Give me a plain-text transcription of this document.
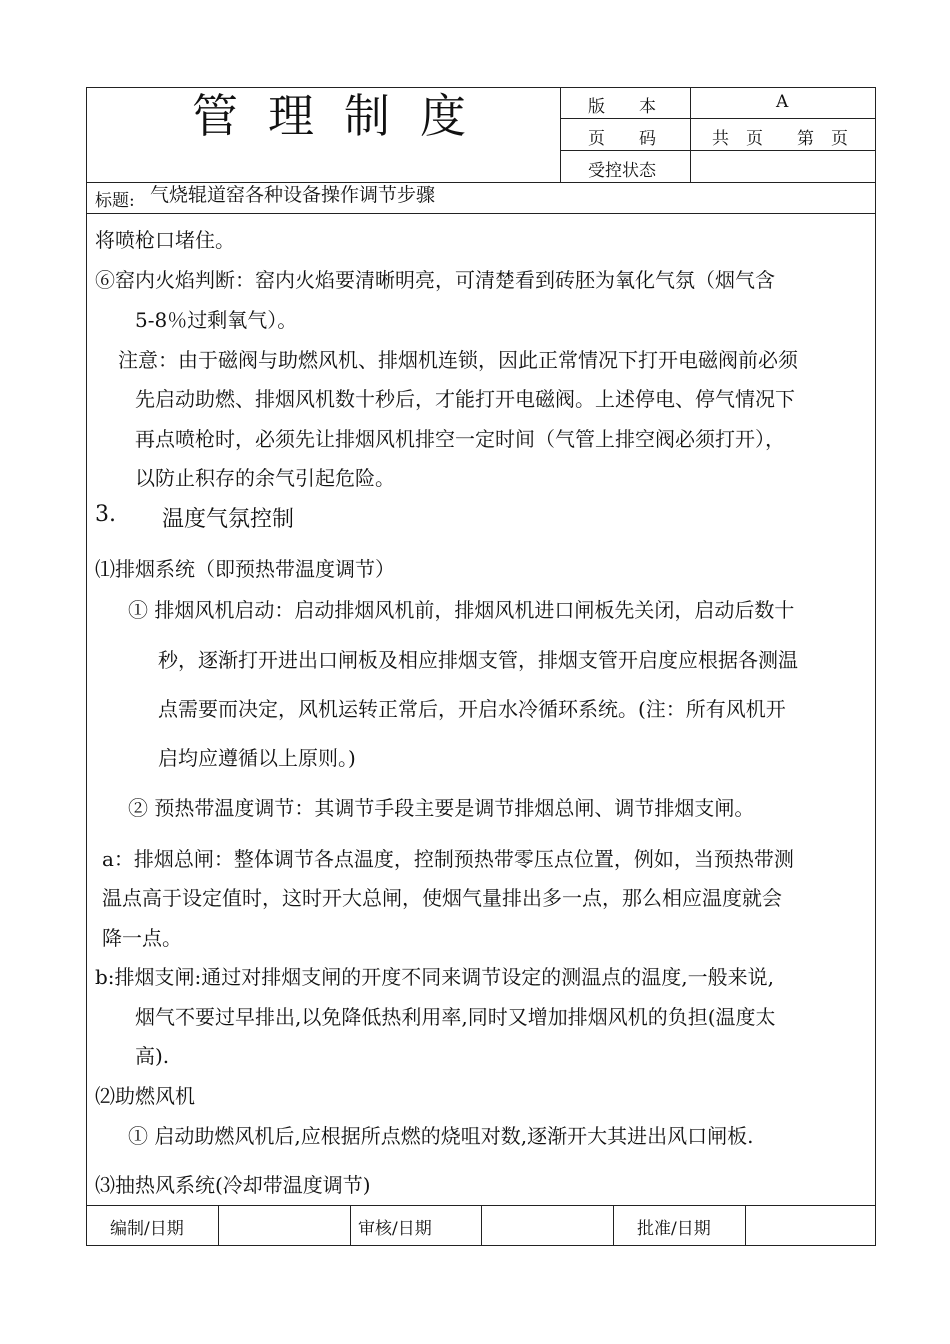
管理制度	版　　本	A
页　　码	共　页　　第　页
受控状态
标题: 气烧辊道窑各种设备操作调节步骤
将喷枪口堵住。
⑥窑内火焰判断：窑内火焰要清晰明亮，可清楚看到砖胚为氧化气氛（烟气含
5-8％过剩氧气）。
注意：由于磁阀与助燃风机、排烟机连锁，因此正常情况下打开电磁阀前必须
先启动助燃、排烟风机数十秒后，才能打开电磁阀。上述停电、停气情况下
再点喷枪时，必须先让排烟风机排空一定时间（气管上排空阀必须打开），
以防止积存的余气引起危险。
3. 温度气氛控制
⑴排烟系统（即预热带温度调节）
① 排烟风机启动：启动排烟风机前，排烟风机进口闸板先关闭，启动后数十
秒，逐渐打开进出口闸板及相应排烟支管，排烟支管开启度应根据各测温
点需要而决定，风机运转正常后，开启水冷循环系统。(注：所有风机开
启均应遵循以上原则。)
② 预热带温度调节：其调节手段主要是调节排烟总闸、调节排烟支闸。
a：排烟总闸：整体调节各点温度，控制预热带零压点位置，例如，当预热带测
温点高于设定值时，这时开大总闸，使烟气量排出多一点，那么相应温度就会
降一点。
b:排烟支闸:通过对排烟支闸的开度不同来调节设定的测温点的温度,一般来说,
烟气不要过早排出,以免降低热利用率,同时又增加排烟风机的负担(温度太
高).
⑵助燃风机
① 启动助燃风机后,应根据所点燃的烧咀对数,逐渐开大其进出风口闸板.
⑶抽热风系统(冷却带温度调节)
编制/日期	审核/日期	批准/日期
